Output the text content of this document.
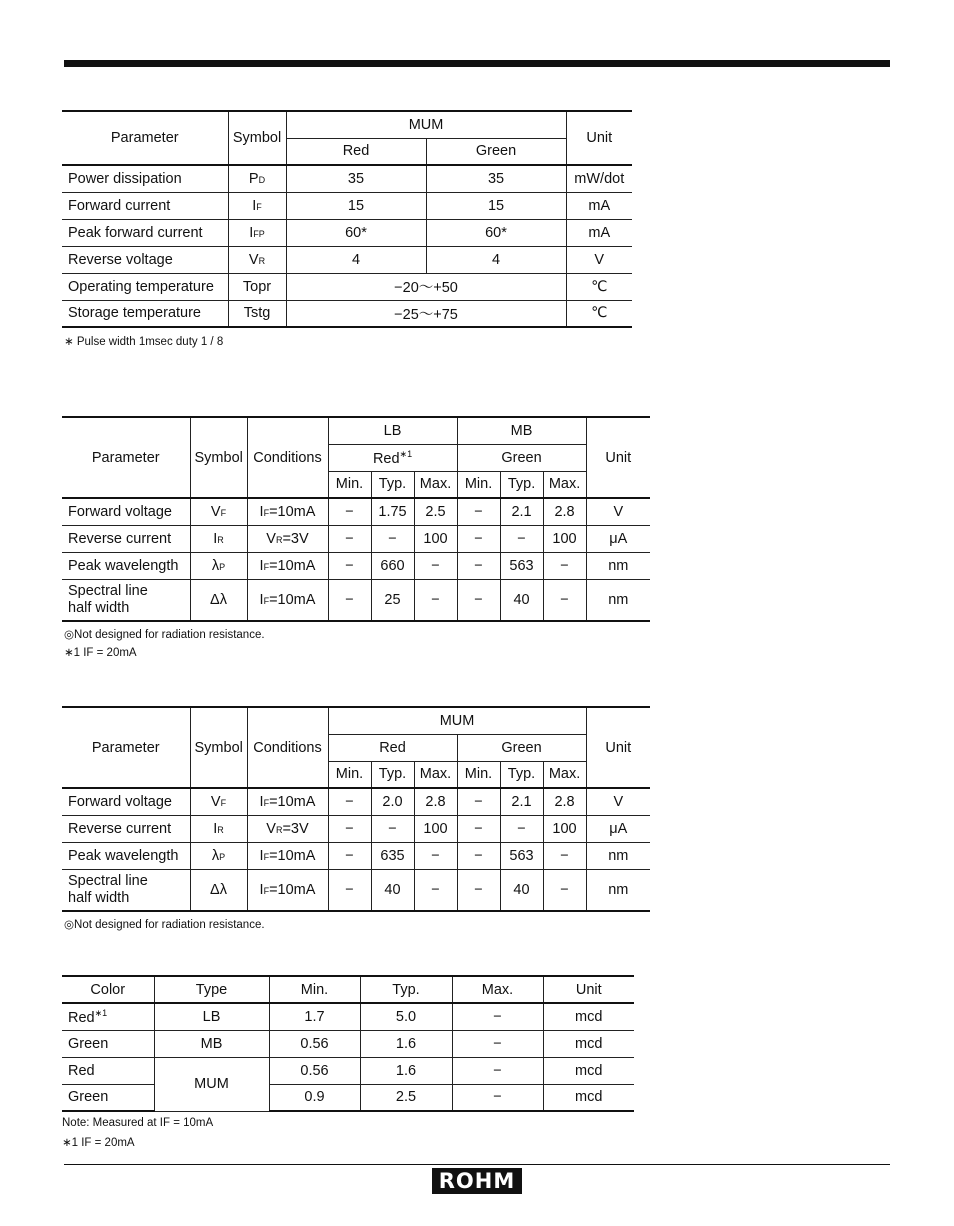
Parameter	Symbol	MUM		Unit
		Red	Green	
Power dissipation	PD	35	35	mW/dot
Forward current	IF	15	15	mA
Peak forward current	IFP	60*	60*	mA
Reverse voltage	VR	4	4	V
Operating temperature	Topr	−20〜+50		℃
Storage temperature	Tstg	−25〜+75		℃
∗ Pulse width 1msec duty 1 / 8
Parameter	Symbol	Conditions	LB			MB			Unit
			Red$^{∗1}$			Green			
			Min.	Typ.	Max.	Min.	Typ.	Max.	
Forward voltage	VF	IF=10mA	−	1.75	2.5	−	2.1	2.8	V
Reverse current	IR	VR=3V	−	−	100	−	−	100	μA
Peak wavelength	λP	IF=10mA	−	660	−	−	563	−	nm
Spectral line
half width	Δλ	IF=10mA	−	25	−	−	40	−	nm
◎Not designed for radiation resistance.
∗1 IF = 20mA
Parameter	Symbol	Conditions	MUM						Unit
			Red			Green			
			Min.	Typ.	Max.	Min.	Typ.	Max.	
Forward voltage	VF	IF=10mA	−	2.0	2.8	−	2.1	2.8	V
Reverse current	IR	VR=3V	−	−	100	−	−	100	μA
Peak wavelength	λP	IF=10mA	−	635	−	−	563	−	nm
Spectral line
half width	Δλ	IF=10mA	−	40	−	−	40	−	nm
◎Not designed for radiation resistance.
Color	Type	Min.	Typ.	Max.	Unit
Red$^{∗1}$	LB	1.7	5.0	−	mcd
Green	MB	0.56	1.6	−	mcd
Red	MUM	0.56	1.6	−	mcd
Green		0.9	2.5	−	mcd
Note: Measured at IF = 10mA
∗1 IF = 20mA
ROHM
